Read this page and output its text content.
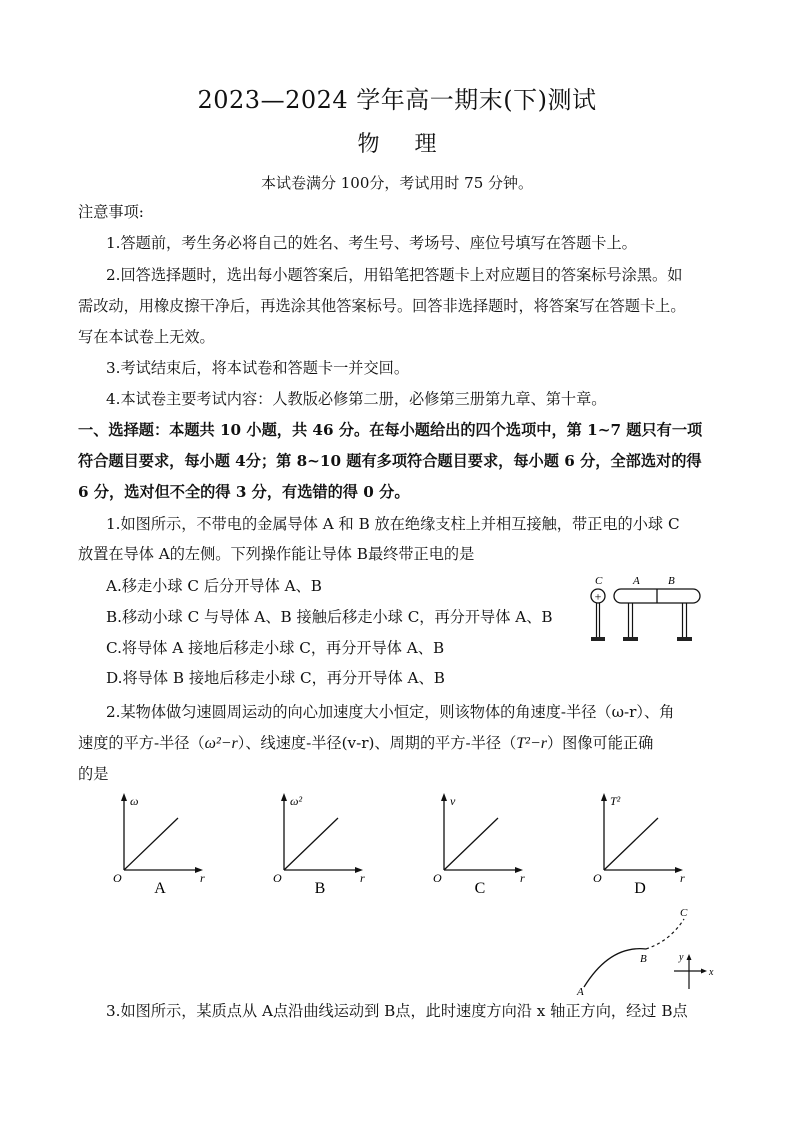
2023—2024 学年高一期末(下)测试
物 理
本试卷满分 100分，考试用时 75 分钟。
注意事项:
1.答题前，考生务必将自己的姓名、考生号、考场号、座位号填写在答题卡上。
2.回答选择题时，选出每小题答案后，用铅笔把答题卡上对应题目的答案标号涂黑。如
需改动，用橡皮擦干净后，再选涂其他答案标号。回答非选择题时，将答案写在答题卡上。
写在本试卷上无效。
3.考试结束后，将本试卷和答题卡一并交回。
4.本试卷主要考试内容：人教版必修第二册，必修第三册第九章、第十章。
一、选择题：本题共 10 小题，共 46 分。在每小题给出的四个选项中，第 1~7 题只有一项
符合题目要求，每小题 4分；第 8~10 题有多项符合题目要求，每小题 6 分，全部选对的得
6 分，选对但不全的得 3 分，有选错的得 0 分。
1.如图所示，不带电的金属导体 A 和 B 放在绝缘支柱上并相互接触，带正电的小球 C
放置在导体 A的左侧。下列操作能让导体 B最终带正电的是
A.移走小球 C 后分开导体 A、B
B.移动小球 C 与导体 A、B 接触后移走小球 C，再分开导体 A、B
C.将导体 A 接地后移走小球 C，再分开导体 A、B
D.将导体 B 接地后移走小球 C，再分开导体 A、B
C	A	B
+
2.某物体做匀速圆周运动的向心加速度大小恒定，则该物体的角速度-半径（ω-r）、角
速度的平方-半径（ω²−r）、线速度-半径(v-r)、周期的平方-半径（T²−r）图像可能正确
的是
ω
r
O
A
ω²
r
O
B
v
r
O
C
T²
r
O
D
A
B
C
x
y
3.如图所示，某质点从 A点沿曲线运动到 B点，此时速度方向沿 x 轴正方向，经过 B点
